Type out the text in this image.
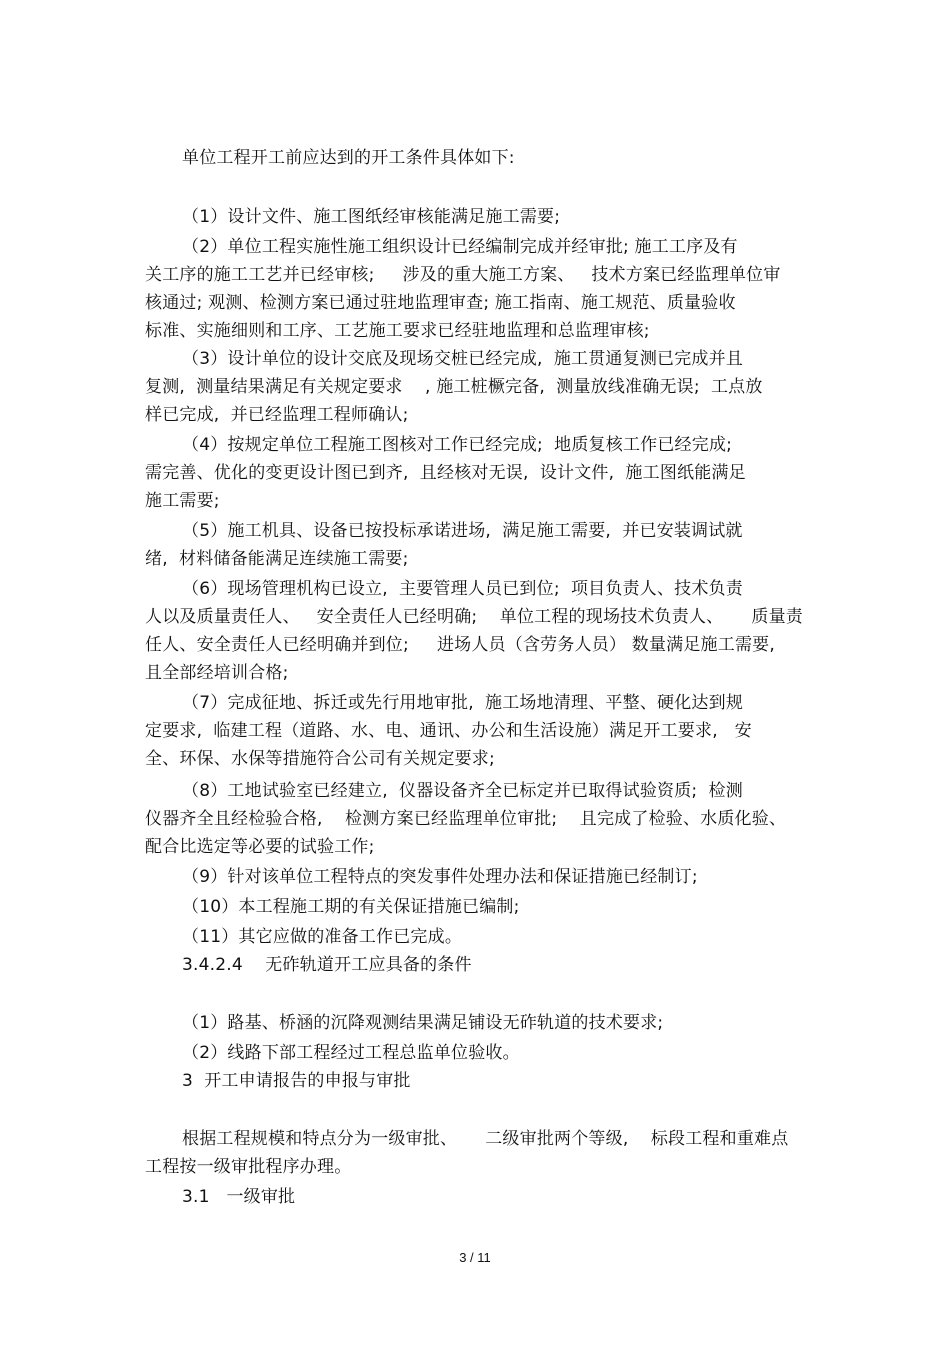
单位工程开工前应达到的开工条件具体如下:
（1）设计文件、施工图纸经审核能满足施工需要;
（2）单位工程实施性施工组织设计已经编制完成并经审批; 施工工序及有
关工序的施工工艺并已经审核;     涉及的重大施工方案、   技术方案已经监理单位审
核通过; 观测、检测方案已通过驻地监理审查; 施工指南、施工规范、质量验收
标准、实施细则和工序、工艺施工要求已经驻地监理和总监理审核;
（3）设计单位的设计交底及现场交桩已经完成,  施工贯通复测已完成并且
复测,  测量结果满足有关规定要求    , 施工桩橛完备,  测量放线准确无误;  工点放
样已完成,  并已经监理工程师确认;
（4）按规定单位工程施工图核对工作已经完成;  地质复核工作已经完成;
需完善、优化的变更设计图已到齐,  且经核对无误,  设计文件,  施工图纸能满足
施工需要;
（5）施工机具、设备已按投标承诺进场,  满足施工需要,  并已安装调试就
绪,  材料储备能满足连续施工需要;
（6）现场管理机构已设立,  主要管理人员已到位;  项目负责人、技术负责
人以及质量责任人、   安全责任人已经明确;    单位工程的现场技术负责人、     质量责
任人、安全责任人已经明确并到位;     进场人员（含劳务人员） 数量满足施工需要,
且全部经培训合格;
（7）完成征地、拆迁或先行用地审批,  施工场地清理、平整、硬化达到规
定要求,  临建工程（道路、水、电、通讯、办公和生活设施）满足开工要求,   安
全、环保、水保等措施符合公司有关规定要求;
（8）工地试验室已经建立,  仪器设备齐全已标定并已取得试验资质;  检测
仪器齐全且经检验合格,    检测方案已经监理单位审批;    且完成了检验、水质化验、
配合比选定等必要的试验工作;
（9）针对该单位工程特点的突发事件处理办法和保证措施已经制订;
（10）本工程施工期的有关保证措施已编制;
（11）其它应做的准备工作已完成。
3.4.2.4    无砟轨道开工应具备的条件
（1）路基、桥涵的沉降观测结果满足铺设无砟轨道的技术要求;
（2）线路下部工程经过工程总监单位验收。
3  开工申请报告的申报与审批
根据工程规模和特点分为一级审批、     二级审批两个等级,    标段工程和重难点
工程按一级审批程序办理。
3.1   一级审批
3 / 11
